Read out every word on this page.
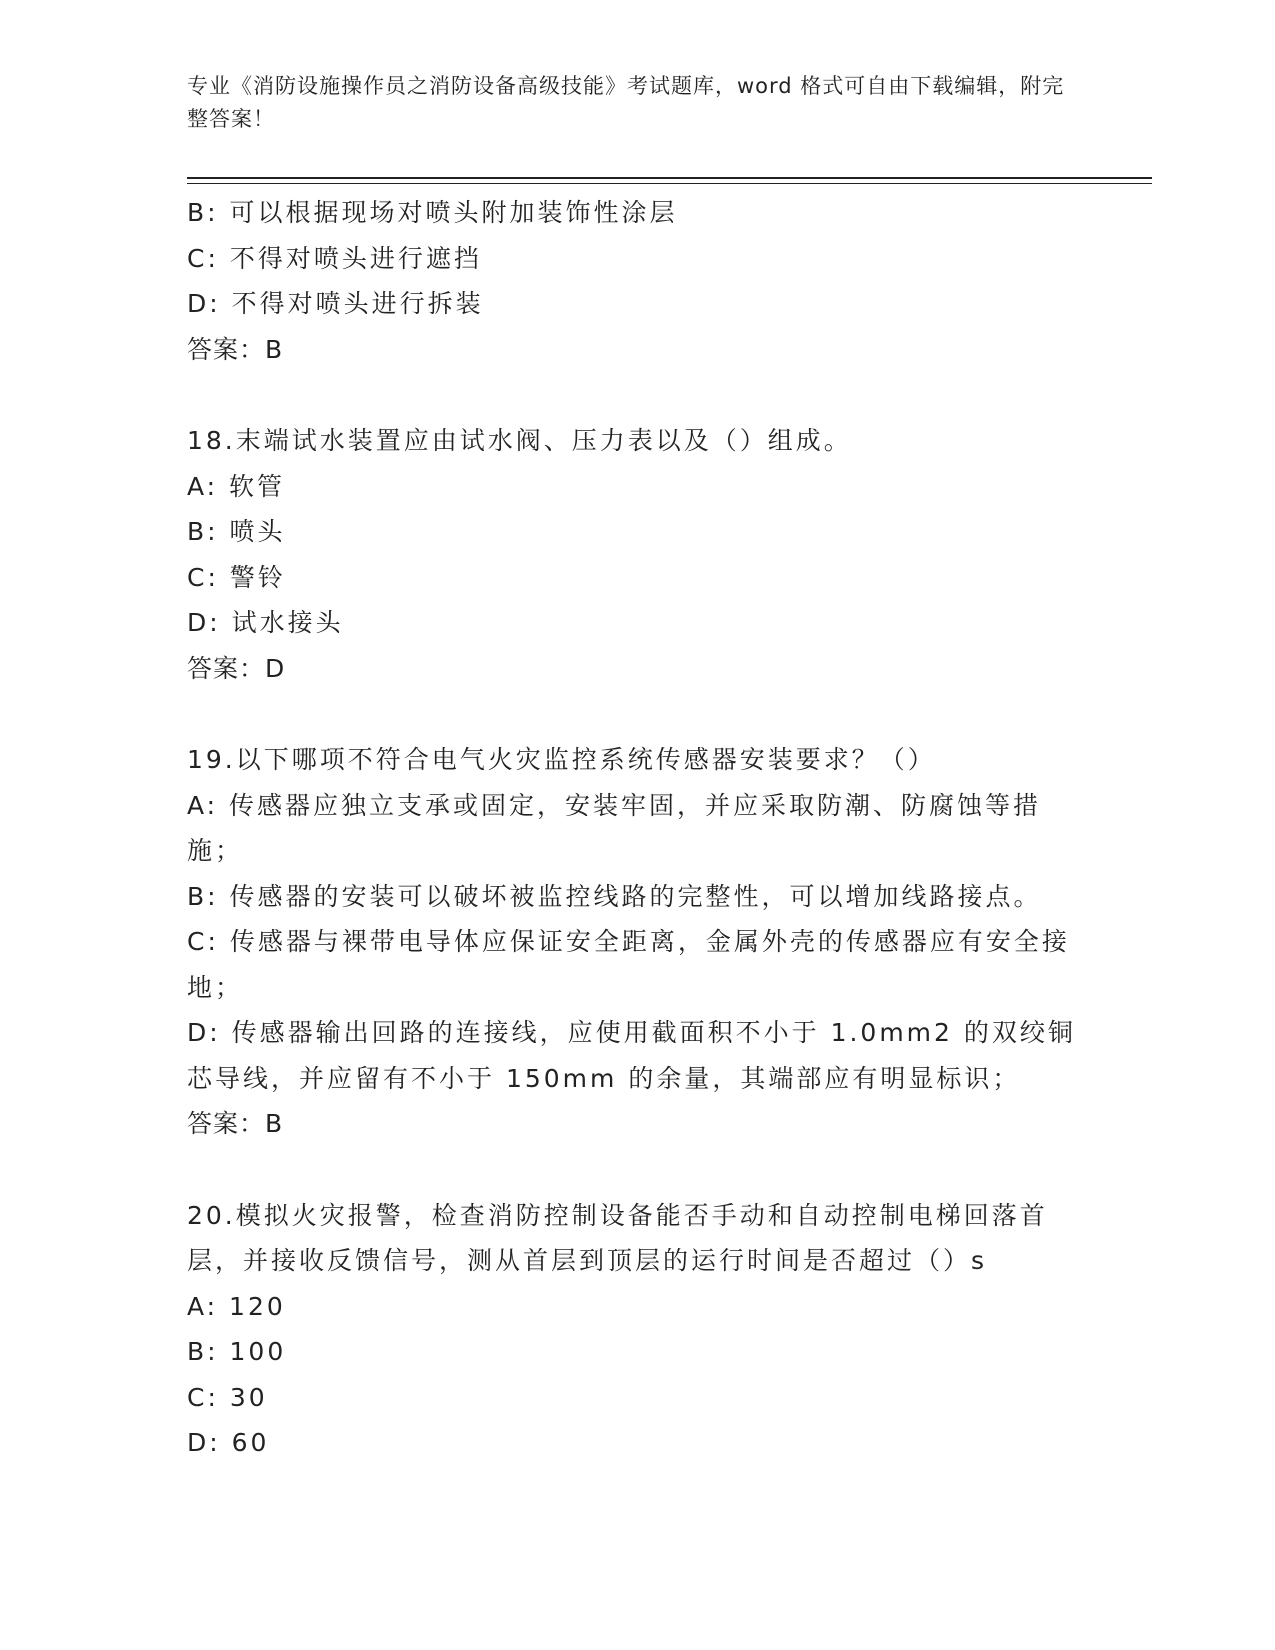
专业《消防设施操作员之消防设备高级技能》考试题库，word 格式可自由下载编辑，附完整答案！
B: 可以根据现场对喷头附加装饰性涂层
C: 不得对喷头进行遮挡
D: 不得对喷头进行拆装
答案：B
18.末端试水装置应由试水阀、压力表以及（）组成。
A: 软管
B: 喷头
C: 警铃
D: 试水接头
答案：D
19.以下哪项不符合电气火灾监控系统传感器安装要求？（）
A: 传感器应独立支承或固定，安装牢固，并应采取防潮、防腐蚀等措施；
B: 传感器的安装可以破坏被监控线路的完整性，可以增加线路接点。
C: 传感器与裸带电导体应保证安全距离，金属外壳的传感器应有安全接地；
D: 传感器输出回路的连接线，应使用截面积不小于 1.0mm2 的双绞铜芯导线，并应留有不小于 150mm 的余量，其端部应有明显标识；
答案：B
20.模拟火灾报警，检查消防控制设备能否手动和自动控制电梯回落首层，并接收反馈信号，测从首层到顶层的运行时间是否超过（）s
A: 120
B: 100
C: 30
D: 60
